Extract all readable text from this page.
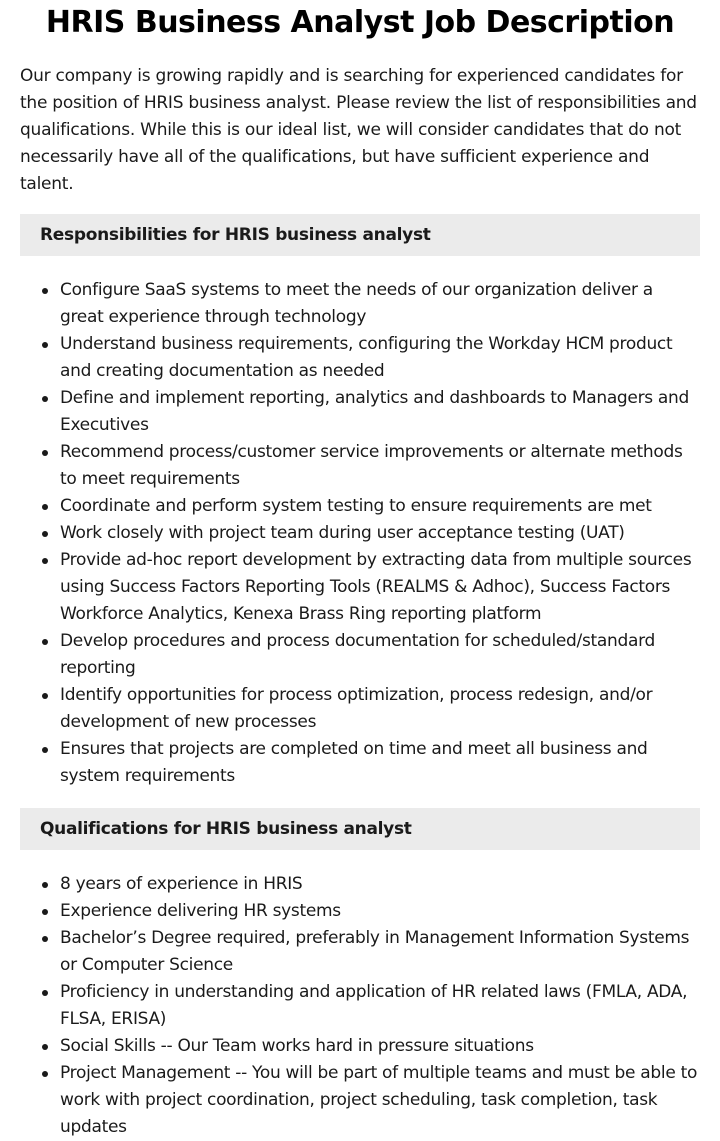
HRIS Business Analyst Job Description

Our company is growing rapidly and is searching for experienced candidates for the position of HRIS business analyst. Please review the list of responsibilities and qualifications. While this is our ideal list, we will consider candidates that do not necessarily have all of the qualifications, but have sufficient experience and talent.

Responsibilities for HRIS business analyst
Configure SaaS systems to meet the needs of our organization deliver a great experience through technology
Understand business requirements, configuring the Workday HCM product and creating documentation as needed
Define and implement reporting, analytics and dashboards to Managers and Executives
Recommend process/customer service improvements or alternate methods to meet requirements
Coordinate and perform system testing to ensure requirements are met
Work closely with project team during user acceptance testing (UAT)
Provide ad-hoc report development by extracting data from multiple sources using Success Factors Reporting Tools (REALMS & Adhoc), Success Factors Workforce Analytics, Kenexa Brass Ring reporting platform
Develop procedures and process documentation for scheduled/standard reporting
Identify opportunities for process optimization, process redesign, and/or development of new processes
Ensures that projects are completed on time and meet all business and system requirements
Qualifications for HRIS business analyst
8 years of experience in HRIS
Experience delivering HR systems
Bachelor’s Degree required, preferably in Management Information Systems or Computer Science
Proficiency in understanding and application of HR related laws (FMLA, ADA, FLSA, ERISA)
Social Skills -- Our Team works hard in pressure situations
Project Management -- You will be part of multiple teams and must be able to work with project coordination, project scheduling, task completion, task updates
